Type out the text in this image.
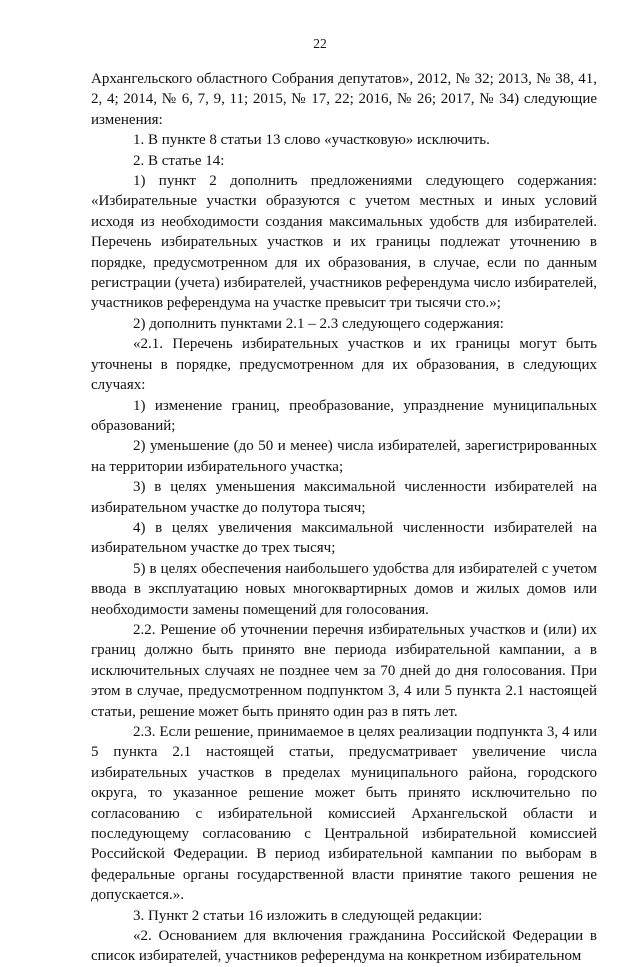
22

Архангельского областного Собрания депутатов», 2012, № 32; 2013, № 38, 41, 2, 4; 2014, № 6, 7, 9, 11; 2015, № 17, 22; 2016, № 26; 2017, № 34) следующие изменения:

1. В пункте 8 статьи 13 слово «участковую» исключить.

2. В статье 14:

1) пункт 2 дополнить предложениями следующего содержания: «Избирательные участки образуются с учетом местных и иных условий исходя из необходимости создания максимальных удобств для избирателей. Перечень избирательных участков и их границы подлежат уточнению в порядке, предусмотренном для их образования, в случае, если по данным регистрации (учета) избирателей, участников референдума число избирателей, участников референдума на участке превысит три тысячи сто.»;

2) дополнить пунктами 2.1 – 2.3 следующего содержания:

«2.1. Перечень избирательных участков и их границы могут быть уточнены в порядке, предусмотренном для их образования, в следующих случаях:

1) изменение границ, преобразование, упразднение муниципальных образований;

2) уменьшение (до 50 и менее) числа избирателей, зарегистрированных на территории избирательного участка;

3) в целях уменьшения максимальной численности избирателей на избирательном участке до полутора тысяч;

4) в целях увеличения максимальной численности избирателей на избирательном участке до трех тысяч;

5) в целях обеспечения наибольшего удобства для избирателей с учетом ввода в эксплуатацию новых многоквартирных домов и жилых домов или необходимости замены помещений для голосования.

2.2. Решение об уточнении перечня избирательных участков и (или) их границ должно быть принято вне периода избирательной кампании, а в исключительных случаях не позднее чем за 70 дней до дня голосования. При этом в случае, предусмотренном подпунктом 3, 4 или 5 пункта 2.1 настоящей статьи, решение может быть принято один раз в пять лет.

2.3. Если решение, принимаемое в целях реализации подпункта 3, 4 или 5 пункта 2.1 настоящей статьи, предусматривает увеличение числа избирательных участков в пределах муниципального района, городского округа, то указанное решение может быть принято исключительно по согласованию с избирательной комиссией Архангельской области и последующему согласованию с Центральной избирательной комиссией Российской Федерации. В период избирательной кампании по выборам в федеральные органы государственной власти принятие такого решения не допускается.».

3. Пункт 2 статьи 16 изложить в следующей редакции:

«2. Основанием для включения гражданина Российской Федерации в список избирателей, участников референдума на конкретном избирательном
